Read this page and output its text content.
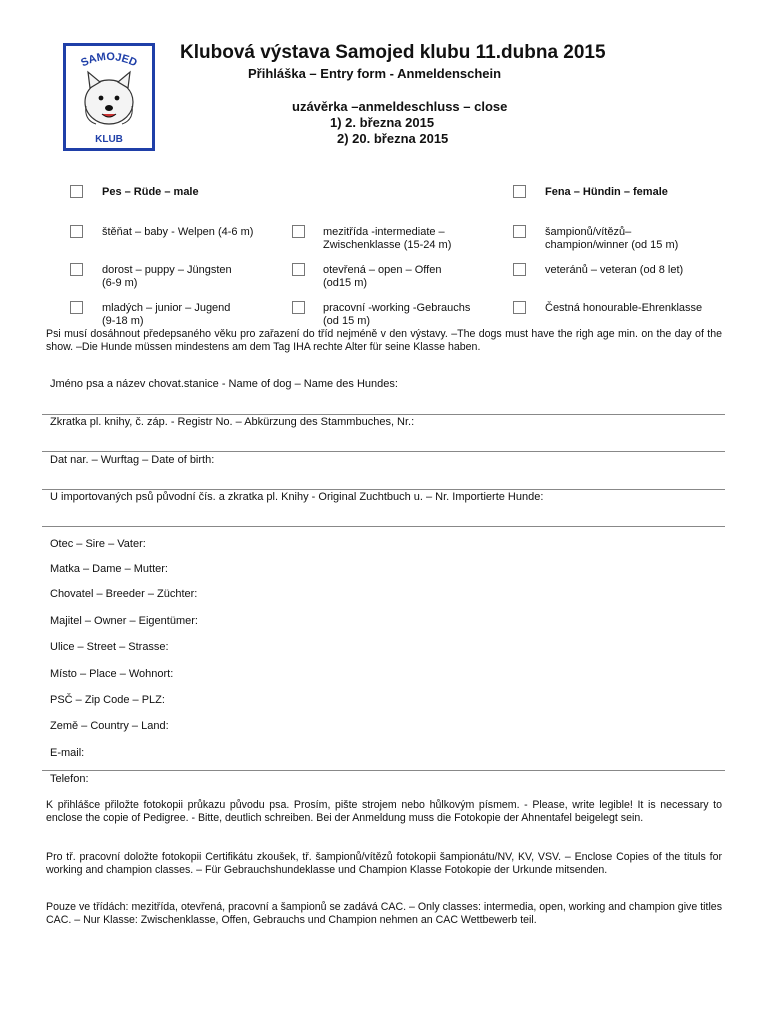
SAMOJED
KLUB
Klubová výstava Samojed klubu 11.dubna 2015
Přihláška – Entry form - Anmeldenschein
uzávěrka –anmeldeschluss – close
1) 2. března 2015
2) 20. března 2015
Pes – Rüde – male	Fena – Hündin – female
štěňat – baby - Welpen (4-6 m)	mezitřída -intermediate –
Zwischenklasse (15-24 m)
šampionů/vítězů–
champion/winner (od 15 m)
dorost – puppy – Jüngsten
(6-9 m)
otevřená – open – Offen
(od15 m)
veteránů – veteran (od 8 let)
mladých – junior – Jugend
(9-18 m)
pracovní -working -Gebrauchs
(od 15 m)
Čestná honourable-Ehrenklasse
Psi musí dosáhnout předepsaného věku pro zařazení do tříd nejméně v den výstavy. –The dogs must have the righ age min. on the day of the show. –Die Hunde müssen mindestens am dem Tag IHA rechte Alter für seine Klasse haben.
Jméno psa a název chovat.stanice - Name of dog – Name des Hundes:
Zkratka pl. knihy, č. záp. - Registr No. – Abkürzung des Stammbuches, Nr.:
Dat nar. – Wurftag – Date of birth:
U importovaných psů původní čís. a zkratka pl. Knihy - Original Zuchtbuch u. – Nr. Importierte Hunde:
Otec – Sire – Vater:
Matka – Dame – Mutter:
Chovatel – Breeder – Züchter:
Majitel – Owner – Eigentümer:
Ulice – Street – Strasse:
Místo – Place – Wohnort:
PSČ – Zip Code – PLZ:
Země – Country – Land:
E-mail:
Telefon:
K přihlášce přiložte fotokopii průkazu původu psa. Prosím, pište strojem nebo hůlkovým písmem. - Please, write legible! It is necessary to enclose the copie of Pedigree. - Bitte, deutlich schreiben. Bei der Anmeldung muss die Fotokopie der Ahnentafel beigelegt sein.
Pro tř. pracovní doložte fotokopii Certifikátu zkoušek, tř. šampionů/vítězů fotokopii šampionátu/NV, KV, VSV. – Enclose Copies of the tituls for working and champion classes. – Für Gebrauchshundeklasse und Champion Klasse Fotokopie der Urkunde mitsenden.
Pouze ve třídách: mezitřída, otevřená, pracovní a šampionů se zadává CAC. – Only classes: intermedia, open, working and champion give titles CAC. – Nur Klasse: Zwischenklasse, Offen, Gebrauchs und Champion nehmen an CAC Wettbewerb teil.
